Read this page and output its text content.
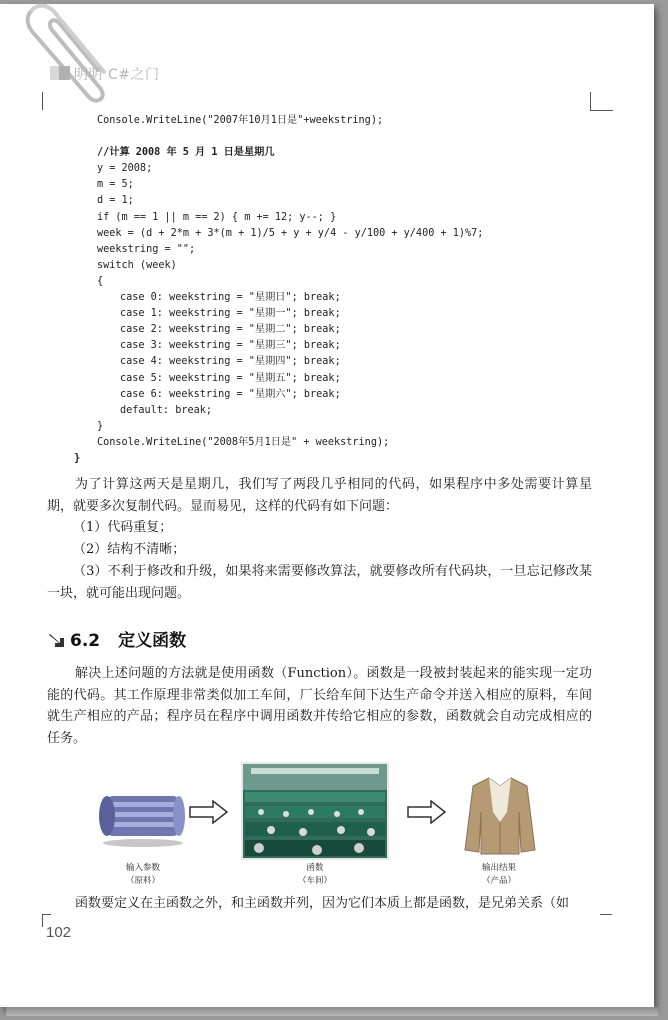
明明 C#之门
Console.WriteLine("2007年10月1日是"+weekstring);

//计算 2008 年 5 月 1 日是星期几
y = 2008;
m = 5;
d = 1;
if (m == 1 || m == 2) { m += 12; y--; }
week = (d + 2*m + 3*(m + 1)/5 + y + y/4 - y/100 + y/400 + 1)%7;
weekstring = "";
switch (week)
{
case 0: weekstring = "星期日"; break;
case 1: weekstring = "星期一"; break;
case 2: weekstring = "星期二"; break;
case 3: weekstring = "星期三"; break;
case 4: weekstring = "星期四"; break;
case 5: weekstring = "星期五"; break;
case 6: weekstring = "星期六"; break;
default: break;
}
Console.WriteLine("2008年5月1日是" + weekstring);
}

为了计算这两天是星期几，我们写了两段几乎相同的代码，如果程序中多处需要计算星期，就要多次复制代码。显而易见，这样的代码有如下问题：

（1）代码重复；

（2）结构不清晰；

（3）不利于修改和升级，如果将来需要修改算法，就要修改所有代码块，一旦忘记修改某一块，就可能出现问题。

6.2 定义函数

解决上述问题的方法就是使用函数（Function）。函数是一段被封装起来的能实现一定功能的代码。其工作原理非常类似加工车间，厂长给车间下达生产命令并送入相应的原料，车间就生产相应的产品；程序员在程序中调用函数并传给它相应的参数，函数就会自动完成相应的任务。

输入参数
（原料）
函数
（车间）
输出结果
（产品）

函数要定义在主函数之外，和主函数并列，因为它们本质上都是函数，是兄弟关系（如

102
